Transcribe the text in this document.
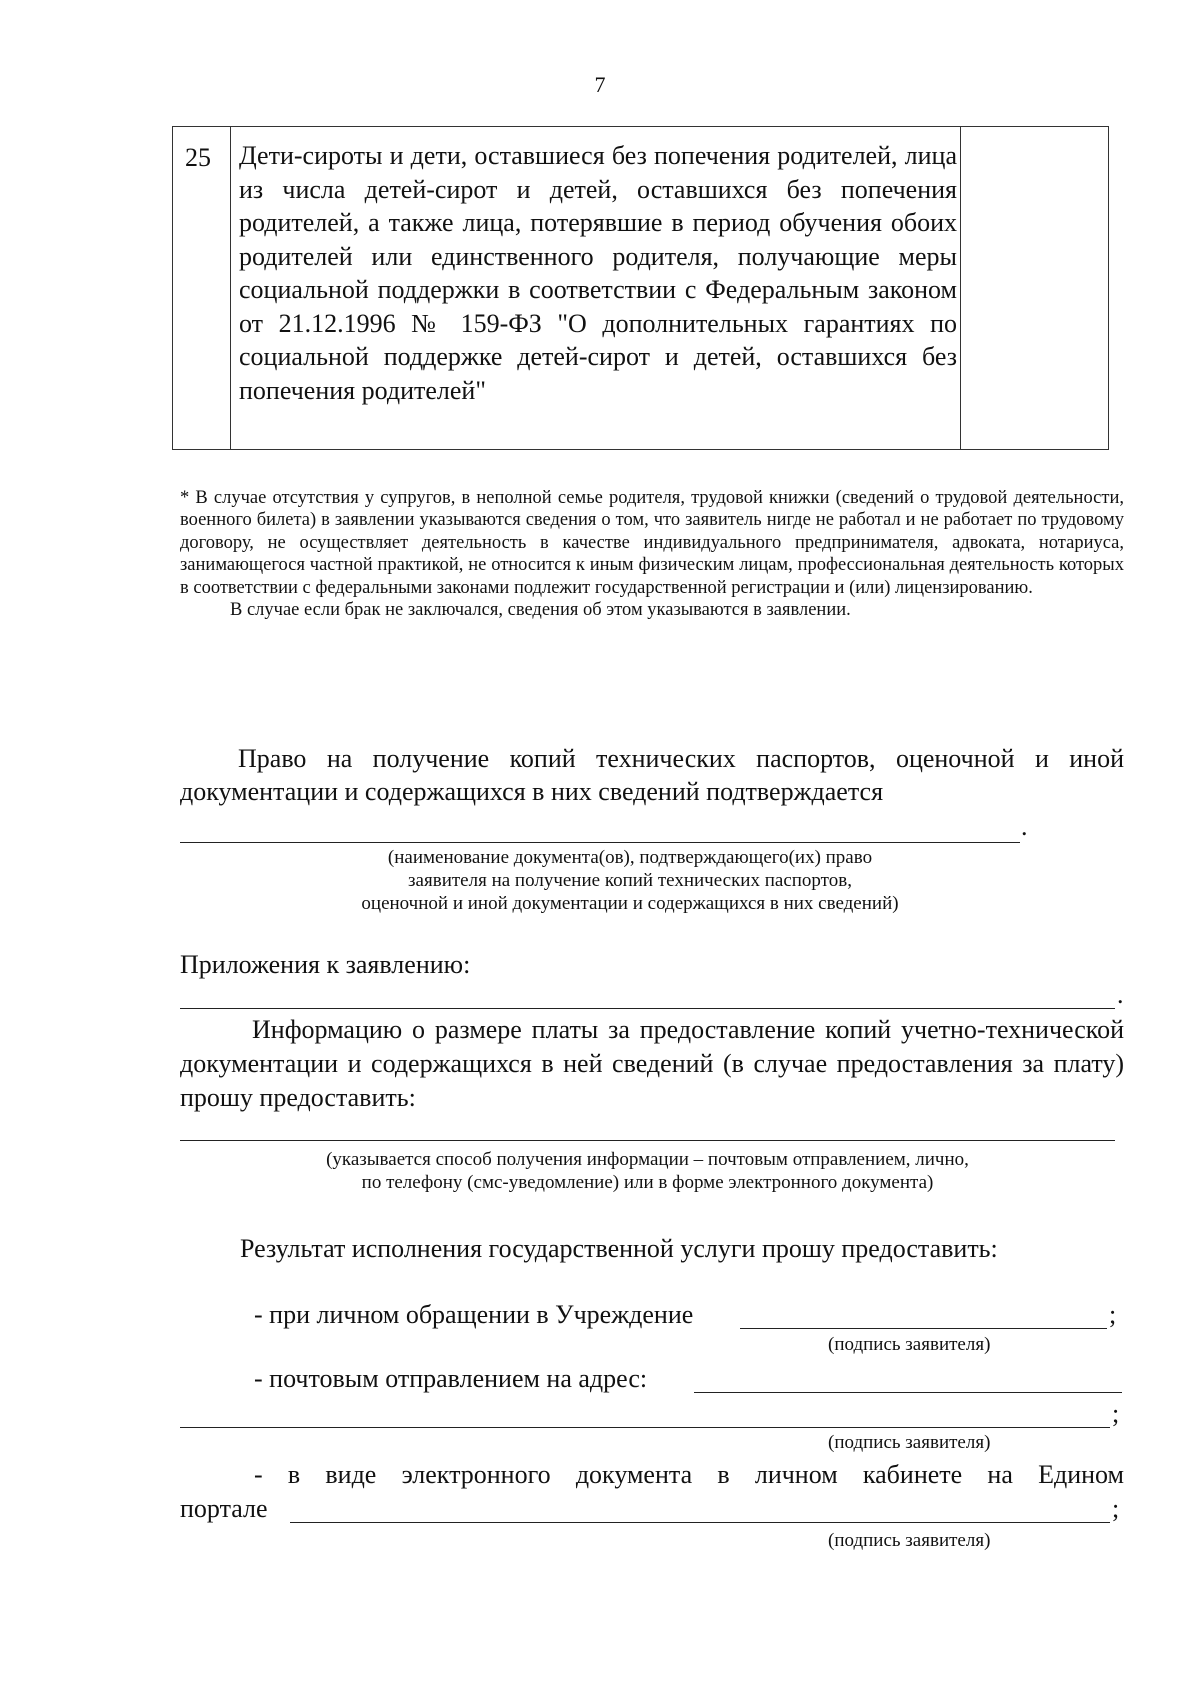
7
25 Дети-сироты и дети, оставшиеся без попечения родителей, лица из числа детей-сирот и детей, оставшихся без попечения родителей, а также лица, потерявшие в период обучения обоих родителей или единственного родителя, получающие меры социальной поддержки в соответствии с Федеральным законом от 21.12.1996 № 159-ФЗ "О дополнительных гарантиях по социальной поддержке детей-сирот и детей, оставшихся без попечения родителей"

* В случае отсутствия у супругов, в неполной семье родителя, трудовой книжки (сведений о трудовой деятельности, военного билета) в заявлении указываются сведения о том, что заявитель нигде не работал и не работает по трудовому договору, не осуществляет деятельность в качестве индивидуального предпринимателя, адвоката, нотариуса, занимающегося частной практикой, не относится к иным физическим лицам, профессиональная деятельность которых в соответствии с федеральными законами подлежит государственной регистрации и (или) лицензированию.

В случае если брак не заключался, сведения об этом указываются в заявлении.

Право на получение копий технических паспортов, оценочной и иной документации и содержащихся в них сведений подтверждается
.
(наименование документа(ов), подтверждающего(их) право
заявителя на получение копий технических паспортов,
оценочной и иной документации и содержащихся в них сведений)
Приложения к заявлению:
.
Информацию о размере платы за предоставление копий учетно-технической документации и содержащихся в ней сведений (в случае предоставления за плату) прошу предоставить:
(указывается способ получения информации – почтовым отправлением, лично,
по телефону (смс-уведомление) или в форме электронного документа)
Результат исполнения государственной услуги прошу предоставить:
- при личном обращении в Учреждение	;
(подпись заявителя)
- почтовым отправлением на адрес:
;
(подпись заявителя)
- в виде электронного документа в личном кабинете на Едином
портале	;
(подпись заявителя)
